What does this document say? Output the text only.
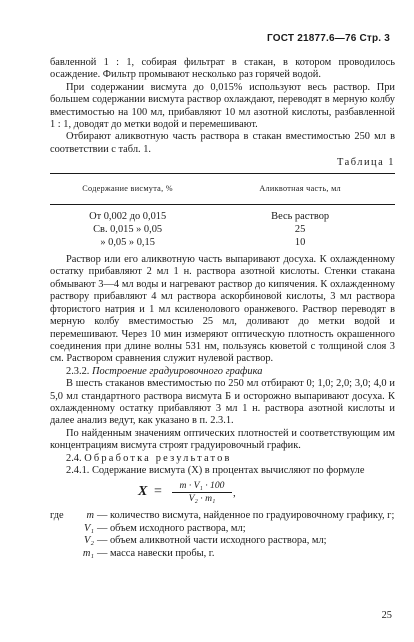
ГОСТ 21877.6—76 Стр. 3

бавленной 1 : 1, собирая фильтрат в стакан, в котором проводилось осаждение. Фильтр промывают несколько раз горячей водой.

При содержании висмута до 0,015% используют весь раствор. При большем содержании висмута раствор охлаждают, переводят в мерную колбу вместимостью на 100 мл, прибавляют 10 мл азотной кислоты, разбавленной 1 : 1, доводят до метки водой и перемешивают.

Отбирают аликвотную часть раствора в стакан вместимостью 250 мл в соответствии с табл. 1.

Таблица 1
Содержание висмута, %	Аликвотная часть, мл

От 0,002 до 0,015	Весь раствор
Св. 0,015 » 0,05	25
» 0,05 » 0,15	10

Раствор или его аликвотную часть выпаривают досуха. К охлажденному остатку прибавляют 2 мл 1 н. раствора азотной кислоты. Стенки стакана обмывают 3—4 мл воды и нагревают раствор до кипячения. К охлажденному раствору прибавляют 4 мл раствора аскорбиновой кислоты, 3 мл раствора фтористого натрия и 1 мл ксиленолового оранжевого. Раствор переводят в мерную колбу вместимостью 25 мл, доливают до метки водой и перемешивают. Через 10 мин измеряют оптическую плотность окрашенного соединения при длине волны 531 нм, пользуясь кюветой с толщиной слоя 3 см. Раствором сравнения служит нулевой раствор.

2.3.2. Построение градуировочного графика

В шесть стаканов вместимостью по 250 мл отбирают 0; 1,0; 2,0; 3,0; 4,0 и 5,0 мл стандартного раствора висмута Б и осторожно выпаривают досуха. К охлажденному остатку прибавляют 3 мл 1 н. раствора азотной кислоты и далее анализ ведут, как указано в п. 2.3.1.

По найденным значениям оптических плотностей и соответствующим им концентрациям висмута строят градуировочный график.

2.4. Обработка результатов

2.4.1. Содержание висмута (X) в процентах вычисляют по формуле

$X = \frac{\text{m · V₁ · 100}}{\text{V₂ · m₁}}$ ,
где	m — количество висмута, найденное по градуировочному графику, г;
V₁ — объем исходного раствора, мл;
V₂ — объем аликвотной части исходного раствора, мл;
m₁ — масса навески пробы, г.
25
